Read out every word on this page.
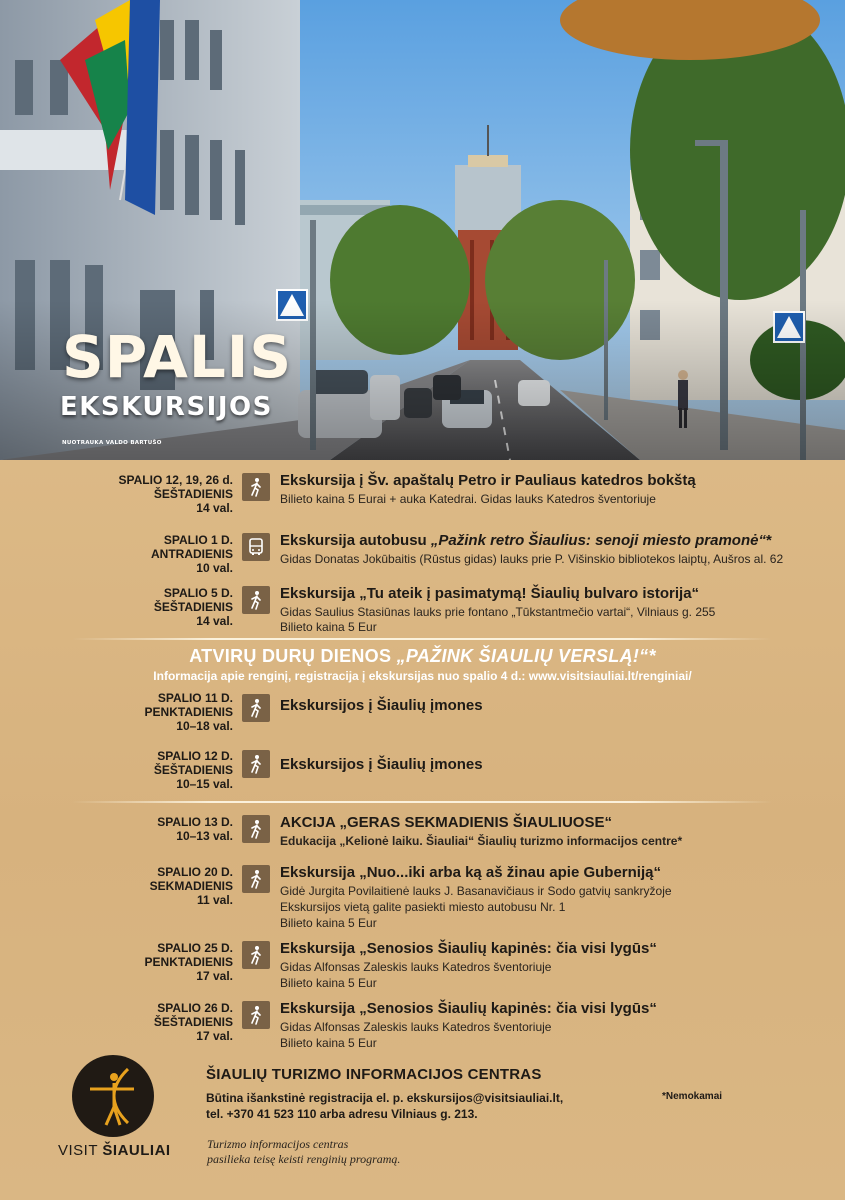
SPALIS
EKSKURSIJOS
NUOTRAUKA VALDO BARTUŠO
SPALIO 12, 19, 26 d.
ŠEŠTADIENIS
14 val.
Ekskursija į Šv. apaštalų Petro ir Pauliaus katedros bokštą
Bilieto kaina 5 Eurai + auka Katedrai. Gidas lauks Katedros šventoriuje
SPALIO 1 D.
ANTRADIENIS
10 val.
Ekskursija autobusu „Pažink retro Šiaulius: senoji miesto pramonė“*
Gidas Donatas Jokūbaitis (Rūstus gidas) lauks prie P. Višinskio bibliotekos laiptų, Aušros al. 62
SPALIO 5 D.
ŠEŠTADIENIS
14 val.
Ekskursija „Tu ateik į pasimatymą! Šiaulių bulvaro istorija“
Gidas Saulius Stasiūnas lauks prie fontano „Tūkstantmečio vartai“, Vilniaus g. 255
Bilieto kaina 5 Eur
ATVIRŲ DURŲ DIENOS „PAŽINK ŠIAULIŲ VERSLĄ!“*
Informacija apie renginį, registracija į ekskursijas nuo spalio 4 d.: www.visitsiauliai.lt/renginiai/
SPALIO 11 D.
PENKTADIENIS
10–18 val.
Ekskursijos į Šiaulių įmones
SPALIO 12 D.
ŠEŠTADIENIS
10–15 val.
Ekskursijos į Šiaulių įmones
SPALIO 13 D.
10–13 val.
AKCIJA „GERAS SEKMADIENIS ŠIAULIUOSE“
Edukacija „Kelionė laiku. Šiauliai“ Šiaulių turizmo informacijos centre*
SPALIO 20 D.
SEKMADIENIS
11 val.
Ekskursija „Nuo...iki arba ką aš žinau apie Guberniją“
Gidė Jurgita Povilaitienė lauks J. Basanavičiaus ir Sodo gatvių sankryžoje
Ekskursijos vietą galite pasiekti miesto autobusu Nr. 1
Bilieto kaina 5 Eur
SPALIO 25 D.
PENKTADIENIS
17 val.
Ekskursija „Senosios Šiaulių kapinės: čia visi lygūs“
Gidas Alfonsas Zaleskis lauks Katedros šventoriuje
Bilieto kaina 5 Eur
SPALIO 26 D.
ŠEŠTADIENIS
17 val.
Ekskursija „Senosios Šiaulių kapinės: čia visi lygūs“
Gidas Alfonsas Zaleskis lauks Katedros šventoriuje
Bilieto kaina 5 Eur
VISIT ŠIAULIAI
ŠIAULIŲ TURIZMO INFORMACIJOS CENTRAS
Būtina išankstinė registracija el. p. ekskursijos@visitsiauliai.lt,
tel. +370 41 523 110 arba adresu Vilniaus g. 213.
*Nemokamai
Turizmo informacijos centras
pasilieka teisę keisti renginių programą.
